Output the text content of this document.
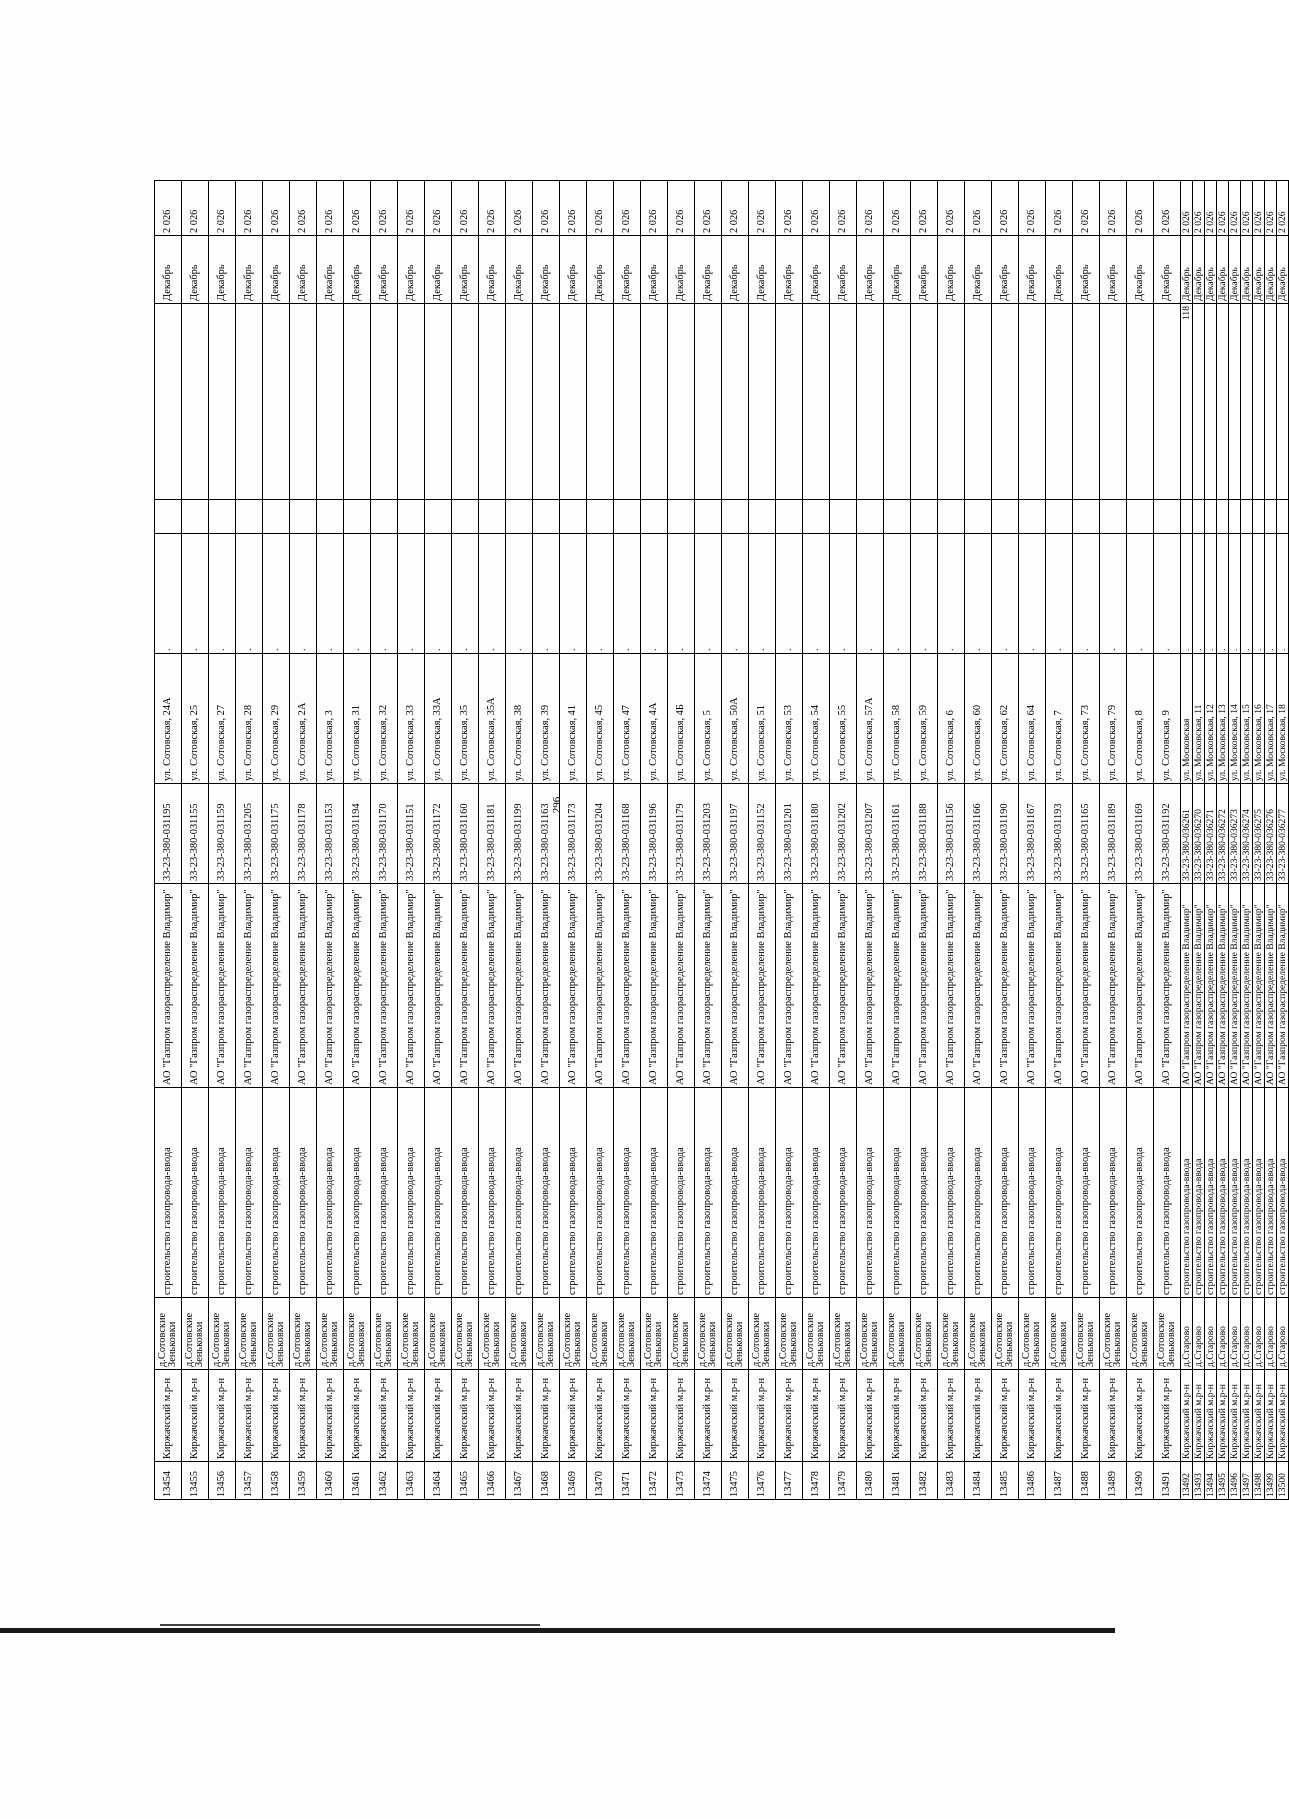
296
13454	Киржачский м.р-н	д.Сотовские Зеньковки	строительство газопровода-ввода	АО "Газпром газораспределение Владимир"	33-23-380-031195	ул. Сотовская, 24А	.			Декабрь	2 026
13455	Киржачский м.р-н	д.Сотовские Зеньковки	строительство газопровода-ввода	АО "Газпром газораспределение Владимир"	33-23-380-031155	ул. Сотовская, 25	.			Декабрь	2 026
13456	Киржачский м.р-н	д.Сотовские Зеньковки	строительство газопровода-ввода	АО "Газпром газораспределение Владимир"	33-23-380-031159	ул. Сотовская, 27	.			Декабрь	2 026
13457	Киржачский м.р-н	д.Сотовские Зеньковки	строительство газопровода-ввода	АО "Газпром газораспределение Владимир"	33-23-380-031205	ул. Сотовская, 28	.			Декабрь	2 026
13458	Киржачский м.р-н	д.Сотовские Зеньковки	строительство газопровода-ввода	АО "Газпром газораспределение Владимир"	33-23-380-031175	ул. Сотовская, 29	.			Декабрь	2 026
13459	Киржачский м.р-н	д.Сотовские Зеньковки	строительство газопровода-ввода	АО "Газпром газораспределение Владимир"	33-23-380-031178	ул. Сотовская, 2А	.			Декабрь	2 026
13460	Киржачский м.р-н	д.Сотовские Зеньковки	строительство газопровода-ввода	АО "Газпром газораспределение Владимир"	33-23-380-031153	ул. Сотовская, 3	.			Декабрь	2 026
13461	Киржачский м.р-н	д.Сотовские Зеньковки	строительство газопровода-ввода	АО "Газпром газораспределение Владимир"	33-23-380-031194	ул. Сотовская, 31	.			Декабрь	2 026
13462	Киржачский м.р-н	д.Сотовские Зеньковки	строительство газопровода-ввода	АО "Газпром газораспределение Владимир"	33-23-380-031170	ул. Сотовская, 32	.			Декабрь	2 026
13463	Киржачский м.р-н	д.Сотовские Зеньковки	строительство газопровода-ввода	АО "Газпром газораспределение Владимир"	33-23-380-031151	ул. Сотовская, 33	.			Декабрь	2 026
13464	Киржачский м.р-н	д.Сотовские Зеньковки	строительство газопровода-ввода	АО "Газпром газораспределение Владимир"	33-23-380-031172	ул. Сотовская, 33А	.			Декабрь	2 026
13465	Киржачский м.р-н	д.Сотовские Зеньковки	строительство газопровода-ввода	АО "Газпром газораспределение Владимир"	33-23-380-031160	ул. Сотовская, 35	.			Декабрь	2 026
13466	Киржачский м.р-н	д.Сотовские Зеньковки	строительство газопровода-ввода	АО "Газпром газораспределение Владимир"	33-23-380-031181	ул. Сотовская, 35А	.			Декабрь	2 026
13467	Киржачский м.р-н	д.Сотовские Зеньковки	строительство газопровода-ввода	АО "Газпром газораспределение Владимир"	33-23-380-031199	ул. Сотовская, 38	.			Декабрь	2 026
13468	Киржачский м.р-н	д.Сотовские Зеньковки	строительство газопровода-ввода	АО "Газпром газораспределение Владимир"	33-23-380-031163	ул. Сотовская, 39	.			Декабрь	2 026
13469	Киржачский м.р-н	д.Сотовские Зеньковки	строительство газопровода-ввода	АО "Газпром газораспределение Владимир"	33-23-380-031173	ул. Сотовская, 41	.			Декабрь	2 026
13470	Киржачский м.р-н	д.Сотовские Зеньковки	строительство газопровода-ввода	АО "Газпром газораспределение Владимир"	33-23-380-031204	ул. Сотовская, 45	.			Декабрь	2 026
13471	Киржачский м.р-н	д.Сотовские Зеньковки	строительство газопровода-ввода	АО "Газпром газораспределение Владимир"	33-23-380-031168	ул. Сотовская, 47	.			Декабрь	2 026
13472	Киржачский м.р-н	д.Сотовские Зеньковки	строительство газопровода-ввода	АО "Газпром газораспределение Владимир"	33-23-380-031196	ул. Сотовская, 4А	.			Декабрь	2 026
13473	Киржачский м.р-н	д.Сотовские Зеньковки	строительство газопровода-ввода	АО "Газпром газораспределение Владимир"	33-23-380-031179	ул. Сотовская, 4Б	.			Декабрь	2 026
13474	Киржачский м.р-н	д.Сотовские Зеньковки	строительство газопровода-ввода	АО "Газпром газораспределение Владимир"	33-23-380-031203	ул. Сотовская, 5	.			Декабрь	2 026
13475	Киржачский м.р-н	д.Сотовские Зеньковки	строительство газопровода-ввода	АО "Газпром газораспределение Владимир"	33-23-380-031197	ул. Сотовская, 50А	.			Декабрь	2 026
13476	Киржачский м.р-н	д.Сотовские Зеньковки	строительство газопровода-ввода	АО "Газпром газораспределение Владимир"	33-23-380-031152	ул. Сотовская, 51	.			Декабрь	2 026
13477	Киржачский м.р-н	д.Сотовские Зеньковки	строительство газопровода-ввода	АО "Газпром газораспределение Владимир"	33-23-380-031201	ул. Сотовская, 53	.			Декабрь	2 026
13478	Киржачский м.р-н	д.Сотовские Зеньковки	строительство газопровода-ввода	АО "Газпром газораспределение Владимир"	33-23-380-031180	ул. Сотовская, 54	.			Декабрь	2 026
13479	Киржачский м.р-н	д.Сотовские Зеньковки	строительство газопровода-ввода	АО "Газпром газораспределение Владимир"	33-23-380-031202	ул. Сотовская, 55	.			Декабрь	2 026
13480	Киржачский м.р-н	д.Сотовские Зеньковки	строительство газопровода-ввода	АО "Газпром газораспределение Владимир"	33-23-380-031207	ул. Сотовская, 57А	.			Декабрь	2 026
13481	Киржачский м.р-н	д.Сотовские Зеньковки	строительство газопровода-ввода	АО "Газпром газораспределение Владимир"	33-23-380-031161	ул. Сотовская, 58	.			Декабрь	2 026
13482	Киржачский м.р-н	д.Сотовские Зеньковки	строительство газопровода-ввода	АО "Газпром газораспределение Владимир"	33-23-380-031188	ул. Сотовская, 59	.			Декабрь	2 026
13483	Киржачский м.р-н	д.Сотовские Зеньковки	строительство газопровода-ввода	АО "Газпром газораспределение Владимир"	33-23-380-031156	ул. Сотовская, 6	.			Декабрь	2 026
13484	Киржачский м.р-н	д.Сотовские Зеньковки	строительство газопровода-ввода	АО "Газпром газораспределение Владимир"	33-23-380-031166	ул. Сотовская, 60	.			Декабрь	2 026
13485	Киржачский м.р-н	д.Сотовские Зеньковки	строительство газопровода-ввода	АО "Газпром газораспределение Владимир"	33-23-380-031190	ул. Сотовская, 62	.			Декабрь	2 026
13486	Киржачский м.р-н	д.Сотовские Зеньковки	строительство газопровода-ввода	АО "Газпром газораспределение Владимир"	33-23-380-031167	ул. Сотовская, 64	.			Декабрь	2 026
13487	Киржачский м.р-н	д.Сотовские Зеньковки	строительство газопровода-ввода	АО "Газпром газораспределение Владимир"	33-23-380-031193	ул. Сотовская, 7	.			Декабрь	2 026
13488	Киржачский м.р-н	д.Сотовские Зеньковки	строительство газопровода-ввода	АО "Газпром газораспределение Владимир"	33-23-380-031165	ул. Сотовская, 73	.			Декабрь	2 026
13489	Киржачский м.р-н	д.Сотовские Зеньковки	строительство газопровода-ввода	АО "Газпром газораспределение Владимир"	33-23-380-031189	ул. Сотовская, 79	.			Декабрь	2 026
13490	Киржачский м.р-н	д.Сотовские Зеньковки	строительство газопровода-ввода	АО "Газпром газораспределение Владимир"	33-23-380-031169	ул. Сотовская, 8	.			Декабрь	2 026
13491	Киржачский м.р-н	д.Сотовские Зеньковки	строительство газопровода-ввода	АО "Газпром газораспределение Владимир"	33-23-380-031192	ул. Сотовская, 9	.			Декабрь	2 026
13492	Киржачский м.р-н	д.Старово	строительство газопровода-ввода	АО "Газпром газораспределение Владимир"	33-23-380-036261	ул. Московская	.		118	Декабрь	2 026
13493	Киржачский м.р-н	д.Старово	строительство газопровода-ввода	АО "Газпром газораспределение Владимир"	33-23-380-036270	ул. Московская, 11	.			Декабрь	2 026
13494	Киржачский м.р-н	д.Старово	строительство газопровода-ввода	АО "Газпром газораспределение Владимир"	33-23-380-036271	ул. Московская, 12	.			Декабрь	2 026
13495	Киржачский м.р-н	д.Старово	строительство газопровода-ввода	АО "Газпром газораспределение Владимир"	33-23-380-036272	ул. Московская, 13	.			Декабрь	2 026
13496	Киржачский м.р-н	д.Старово	строительство газопровода-ввода	АО "Газпром газораспределение Владимир"	33-23-380-036273	ул. Московская, 14	.			Декабрь	2 026
13497	Киржачский м.р-н	д.Старово	строительство газопровода-ввода	АО "Газпром газораспределение Владимир"	33-23-380-036274	ул. Московская, 15	.			Декабрь	2 026
13498	Киржачский м.р-н	д.Старово	строительство газопровода-ввода	АО "Газпром газораспределение Владимир"	33-23-380-036275	ул. Московская, 16	.			Декабрь	2 026
13499	Киржачский м.р-н	д.Старово	строительство газопровода-ввода	АО "Газпром газораспределение Владимир"	33-23-380-036276	ул. Московская, 17	.			Декабрь	2 026
13500	Киржачский м.р-н	д.Старово	строительство газопровода-ввода	АО "Газпром газораспределение Владимир"	33-23-380-036277	ул. Московская, 18	.			Декабрь	2 026
